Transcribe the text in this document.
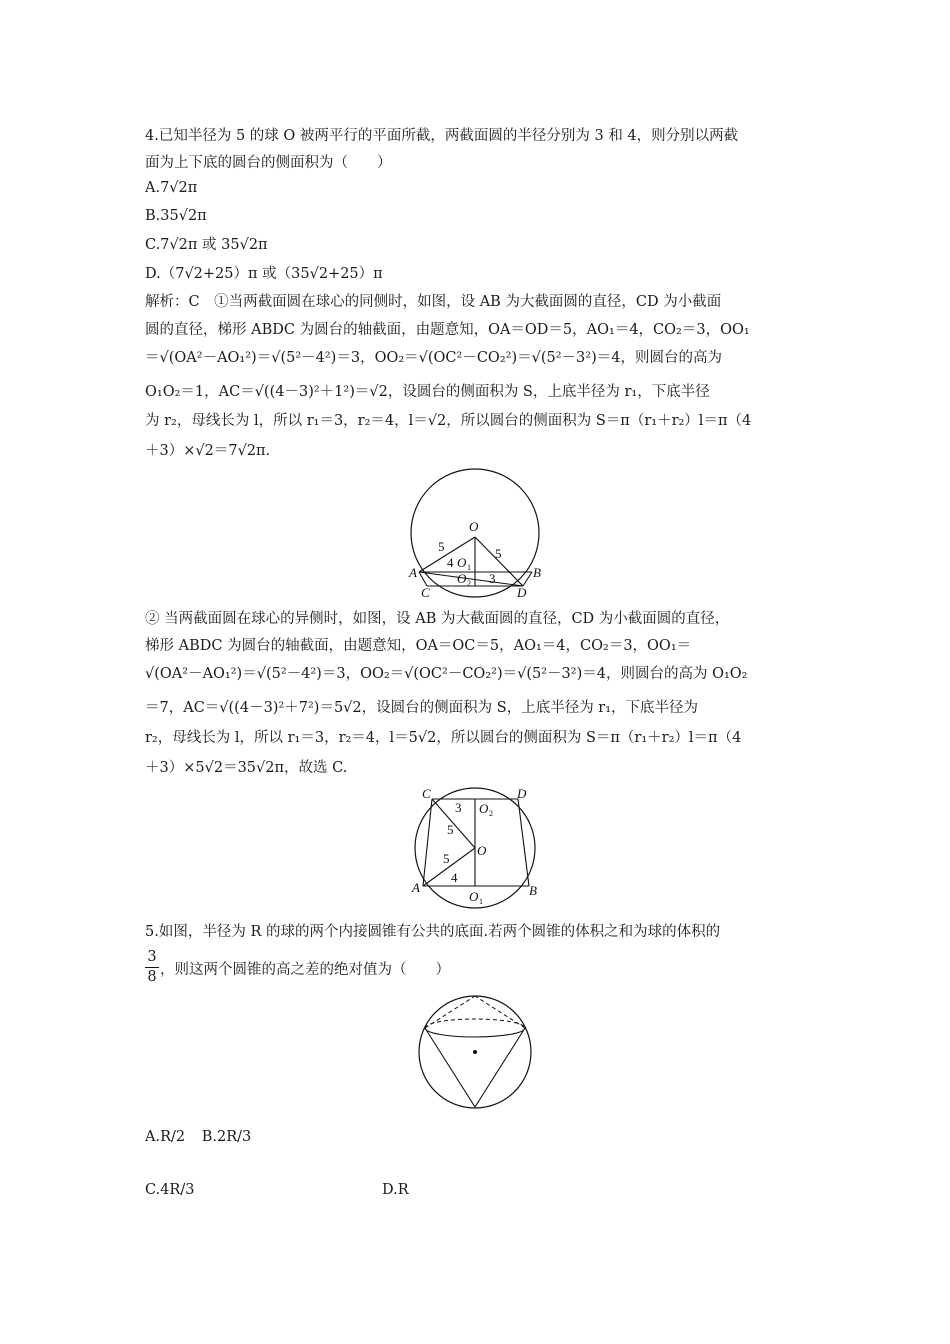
4.已知半径为 5 的球 O 被两平行的平面所截，两截面圆的半径分别为 3 和 4，则分别以两截
面为上下底的圆台的侧面积为（　　）
A.7√2π
B.35√2π
C.7√2π 或 35√2π
D.（7√2+25）π 或（35√2+25）π
解析：C　①当两截面圆在球心的同侧时，如图，设 AB 为大截面圆的直径，CD 为小截面
圆的直径，梯形 ABDC 为圆台的轴截面，由题意知，OA＝OD＝5，AO₁＝4，CO₂＝3，OO₁
＝√(OA²－AO₁²)＝√(5²－4²)＝3，OO₂＝√(OC²－CO₂²)＝√(5²－3²)＝4，则圆台的高为
O₁O₂＝1，AC＝√((4－3)²＋1²)＝√2，设圆台的侧面积为 S，上底半径为 r₁，下底半径
为 r₂，母线长为 l，所以 r₁＝3，r₂＝4，l＝√2，所以圆台的侧面积为 S＝π（r₁＋r₂）l＝π（4
＋3）×√2＝7√2π.
O
5	5
4 O 1
O 2 3
A	B
C	D
② 当两截面圆在球心的异侧时，如图，设 AB 为大截面圆的直径，CD 为小截面圆的直径，
梯形 ABDC 为圆台的轴截面，由题意知，OA＝OC＝5，AO₁＝4，CO₂＝3，OO₁＝
√(OA²－AO₁²)＝√(5²－4²)＝3，OO₂＝√(OC²－CO₂²)＝√(5²－3²)＝4，则圆台的高为 O₁O₂
＝7，AC＝√((4－3)²＋7²)＝5√2，设圆台的侧面积为 S，上底半径为 r₁，下底半径为
r₂，母线长为 l，所以 r₁＝3，r₂＝4，l＝5√2，所以圆台的侧面积为 S＝π（r₁＋r₂）l＝π（4
＋3）×5√2＝35√2π，故选 C.
C	D
3 O 2
5
O
5
4
A	B
O 1
5.如图，半径为 R 的球的两个内接圆锥有公共的底面.若两个圆锥的体积之和为球的体积的
3
8 ，则这两个圆锥的高之差的绝对值为（　　）
A.R/2 B.2R/3
C.4R/3	D.R
